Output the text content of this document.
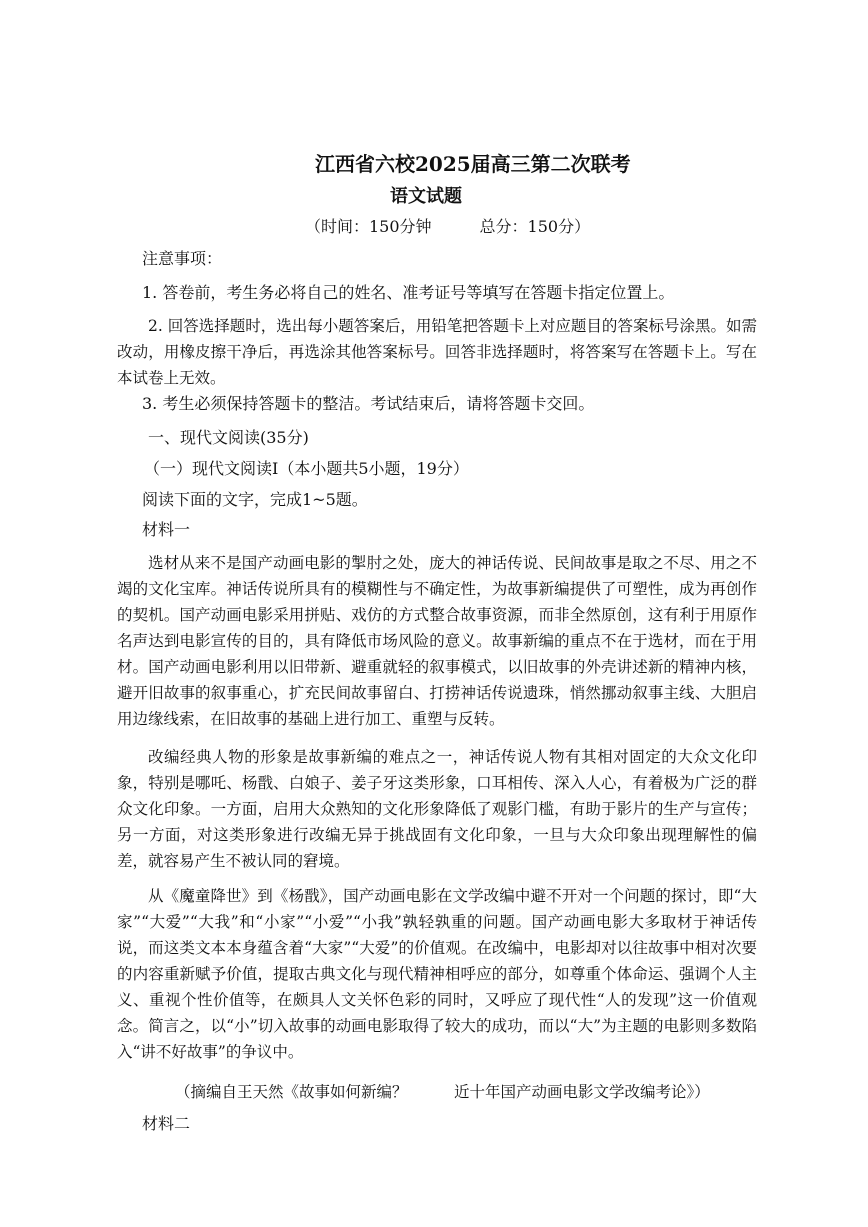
江西省六校2025届高三第二次联考
语文试题
（时间：150分钟　　　总分：150分）
注意事项：
1. 答卷前，考生务必将自己的姓名、准考证号等填写在答题卡指定位置上。

2. 回答选择题时，选出每小题答案后，用铅笔把答题卡上对应题目的答案标号涂黑。如需改动，用橡皮擦干净后，再选涂其他答案标号。回答非选择题时，将答案写在答题卡上。写在本试卷上无效。

3. 考生必须保持答题卡的整洁。考试结束后，请将答题卡交回。
一、现代文阅读(35分)
（一）现代文阅读Ⅰ（本小题共5小题，19分）
阅读下面的文字，完成1~5题。
材料一

选材从来不是国产动画电影的掣肘之处，庞大的神话传说、民间故事是取之不尽、用之不竭的文化宝库。神话传说所具有的模糊性与不确定性，为故事新编提供了可塑性，成为再创作的契机。国产动画电影采用拼贴、戏仿的方式整合故事资源，而非全然原创，这有利于用原作名声达到电影宣传的目的，具有降低市场风险的意义。故事新编的重点不在于选材，而在于用材。国产动画电影利用以旧带新、避重就轻的叙事模式，以旧故事的外壳讲述新的精神内核，避开旧故事的叙事重心，扩充民间故事留白、打捞神话传说遗珠，悄然挪动叙事主线、大胆启用边缘线索，在旧故事的基础上进行加工、重塑与反转。

改编经典人物的形象是故事新编的难点之一，神话传说人物有其相对固定的大众文化印象，特别是哪吒、杨戬、白娘子、姜子牙这类形象，口耳相传、深入人心，有着极为广泛的群众文化印象。一方面，启用大众熟知的文化形象降低了观影门槛，有助于影片的生产与宣传；另一方面，对这类形象进行改编无异于挑战固有文化印象，一旦与大众印象出现理解性的偏差，就容易产生不被认同的窘境。

从《魔童降世》到《杨戬》，国产动画电影在文学改编中避不开对一个问题的探讨，即“大家”“大爱”“大我”和“小家”“小爱”“小我”孰轻孰重的问题。国产动画电影大多取材于神话传说，而这类文本本身蕴含着“大家”“大爱”的价值观。在改编中，电影却对以往故事中相对次要的内容重新赋予价值，提取古典文化与现代精神相呼应的部分，如尊重个体命运、强调个人主义、重视个性价值等，在颇具人文关怀色彩的同时，又呼应了现代性“人的发现”这一价值观念。简言之，以“小”切入故事的动画电影取得了较大的成功，而以“大”为主题的电影则多数陷入“讲不好故事”的争议中。

（摘编自王天然《故事如何新编？　　　近十年国产动画电影文学改编考论》）
材料二
